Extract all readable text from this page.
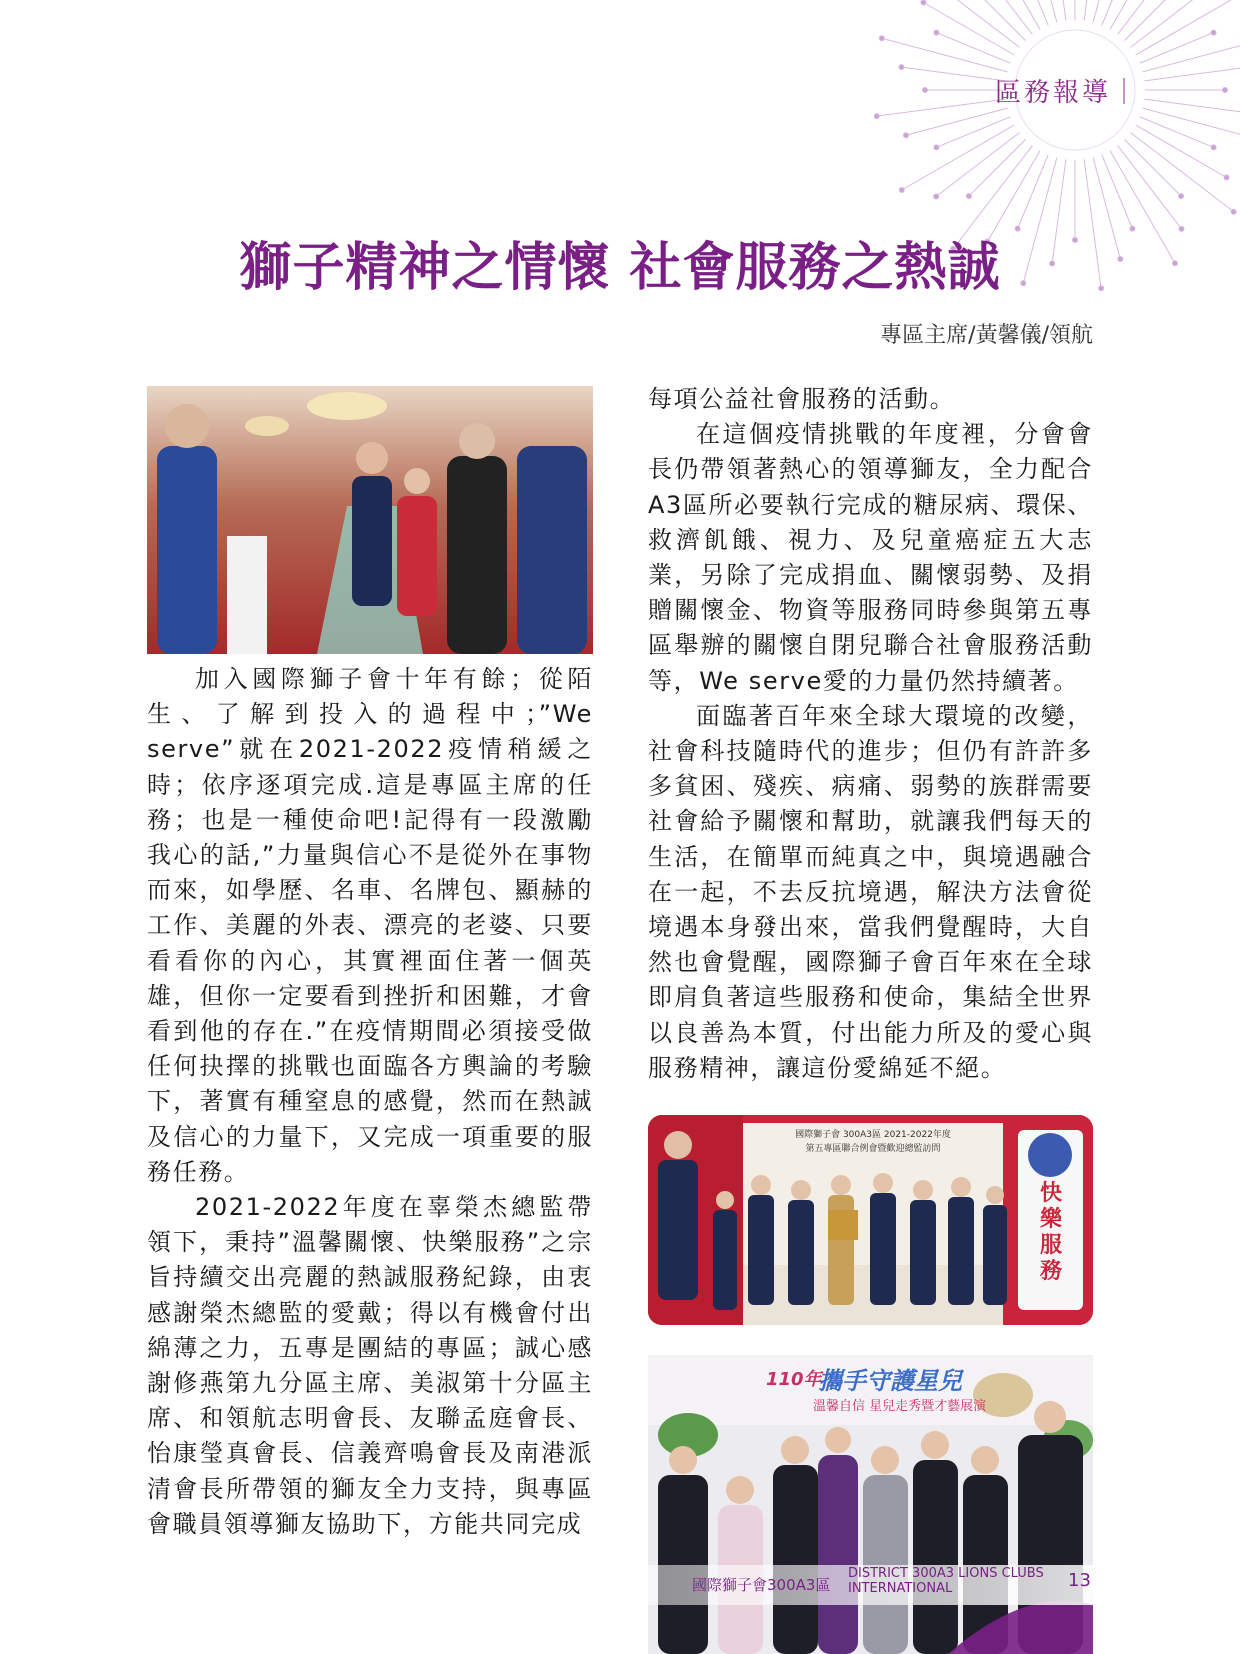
區務報導｜
獅子精神之情懷 社會服務之熱誠
專區主席/黃馨儀/領航

加入國際獅子會十年有餘；從陌生、了解到投入的過程中；”We serve”就在2021-2022疫情稍緩之時；依序逐項完成.這是專區主席的任務；也是一種使命吧!記得有一段激勵我心的話,”力量與信心不是從外在事物而來，如學歷、名車、名牌包、顯赫的工作、美麗的外表、漂亮的老婆、只要看看你的內心，其實裡面住著一個英雄，但你一定要看到挫折和困難，才會看到他的存在.”在疫情期間必須接受做任何抉擇的挑戰也面臨各方輿論的考驗下，著實有種窒息的感覺，然而在熱誠及信心的力量下，又完成一項重要的服務任務。

2021-2022年度在辜榮杰總監帶領下，秉持”溫馨關懷、快樂服務”之宗旨持續交出亮麗的熱誠服務紀錄，由衷感謝榮杰總監的愛戴；得以有機會付出綿薄之力，五專是團結的專區；誠心感謝修燕第九分區主席、美淑第十分區主席、和領航志明會長、友聯孟庭會長、怡康瑩真會長、信義齊鳴會長及南港派清會長所帶領的獅友全力支持，與專區會職員領導獅友協助下，方能共同完成

每項公益社會服務的活動。

在這個疫情挑戰的年度裡，分會會長仍帶領著熱心的領導獅友，全力配合A3區所必要執行完成的糖尿病、環保、救濟飢餓、視力、及兒童癌症五大志業，另除了完成捐血、關懷弱勢、及捐贈關懷金、物資等服務同時參與第五專區舉辦的關懷自閉兒聯合社會服務活動等，We serve愛的力量仍然持續著。

面臨著百年來全球大環境的改變，社會科技隨時代的進步；但仍有許許多多貧困、殘疾、病痛、弱勢的族群需要社會給予關懷和幫助，就讓我們每天的生活，在簡單而純真之中，與境遇融合在一起，不去反抗境遇，解決方法會從境遇本身發出來，當我們覺醒時，大自然也會覺醒，國際獅子會百年來在全球即肩負著這些服務和使命，集結全世界以良善為本質，付出能力所及的愛心與服務精神，讓這份愛綿延不絕。

國際獅子會 300A3區 2021-2022年度
第五專區聯合例會暨歡迎總監訪問
快樂服務
110年
攜手守護星兒
溫馨自信 星兒走秀暨才藝展演
國際獅子會300A3區
DISTRICT 300A3 LIONS CLUBS INTERNATIONAL	13
